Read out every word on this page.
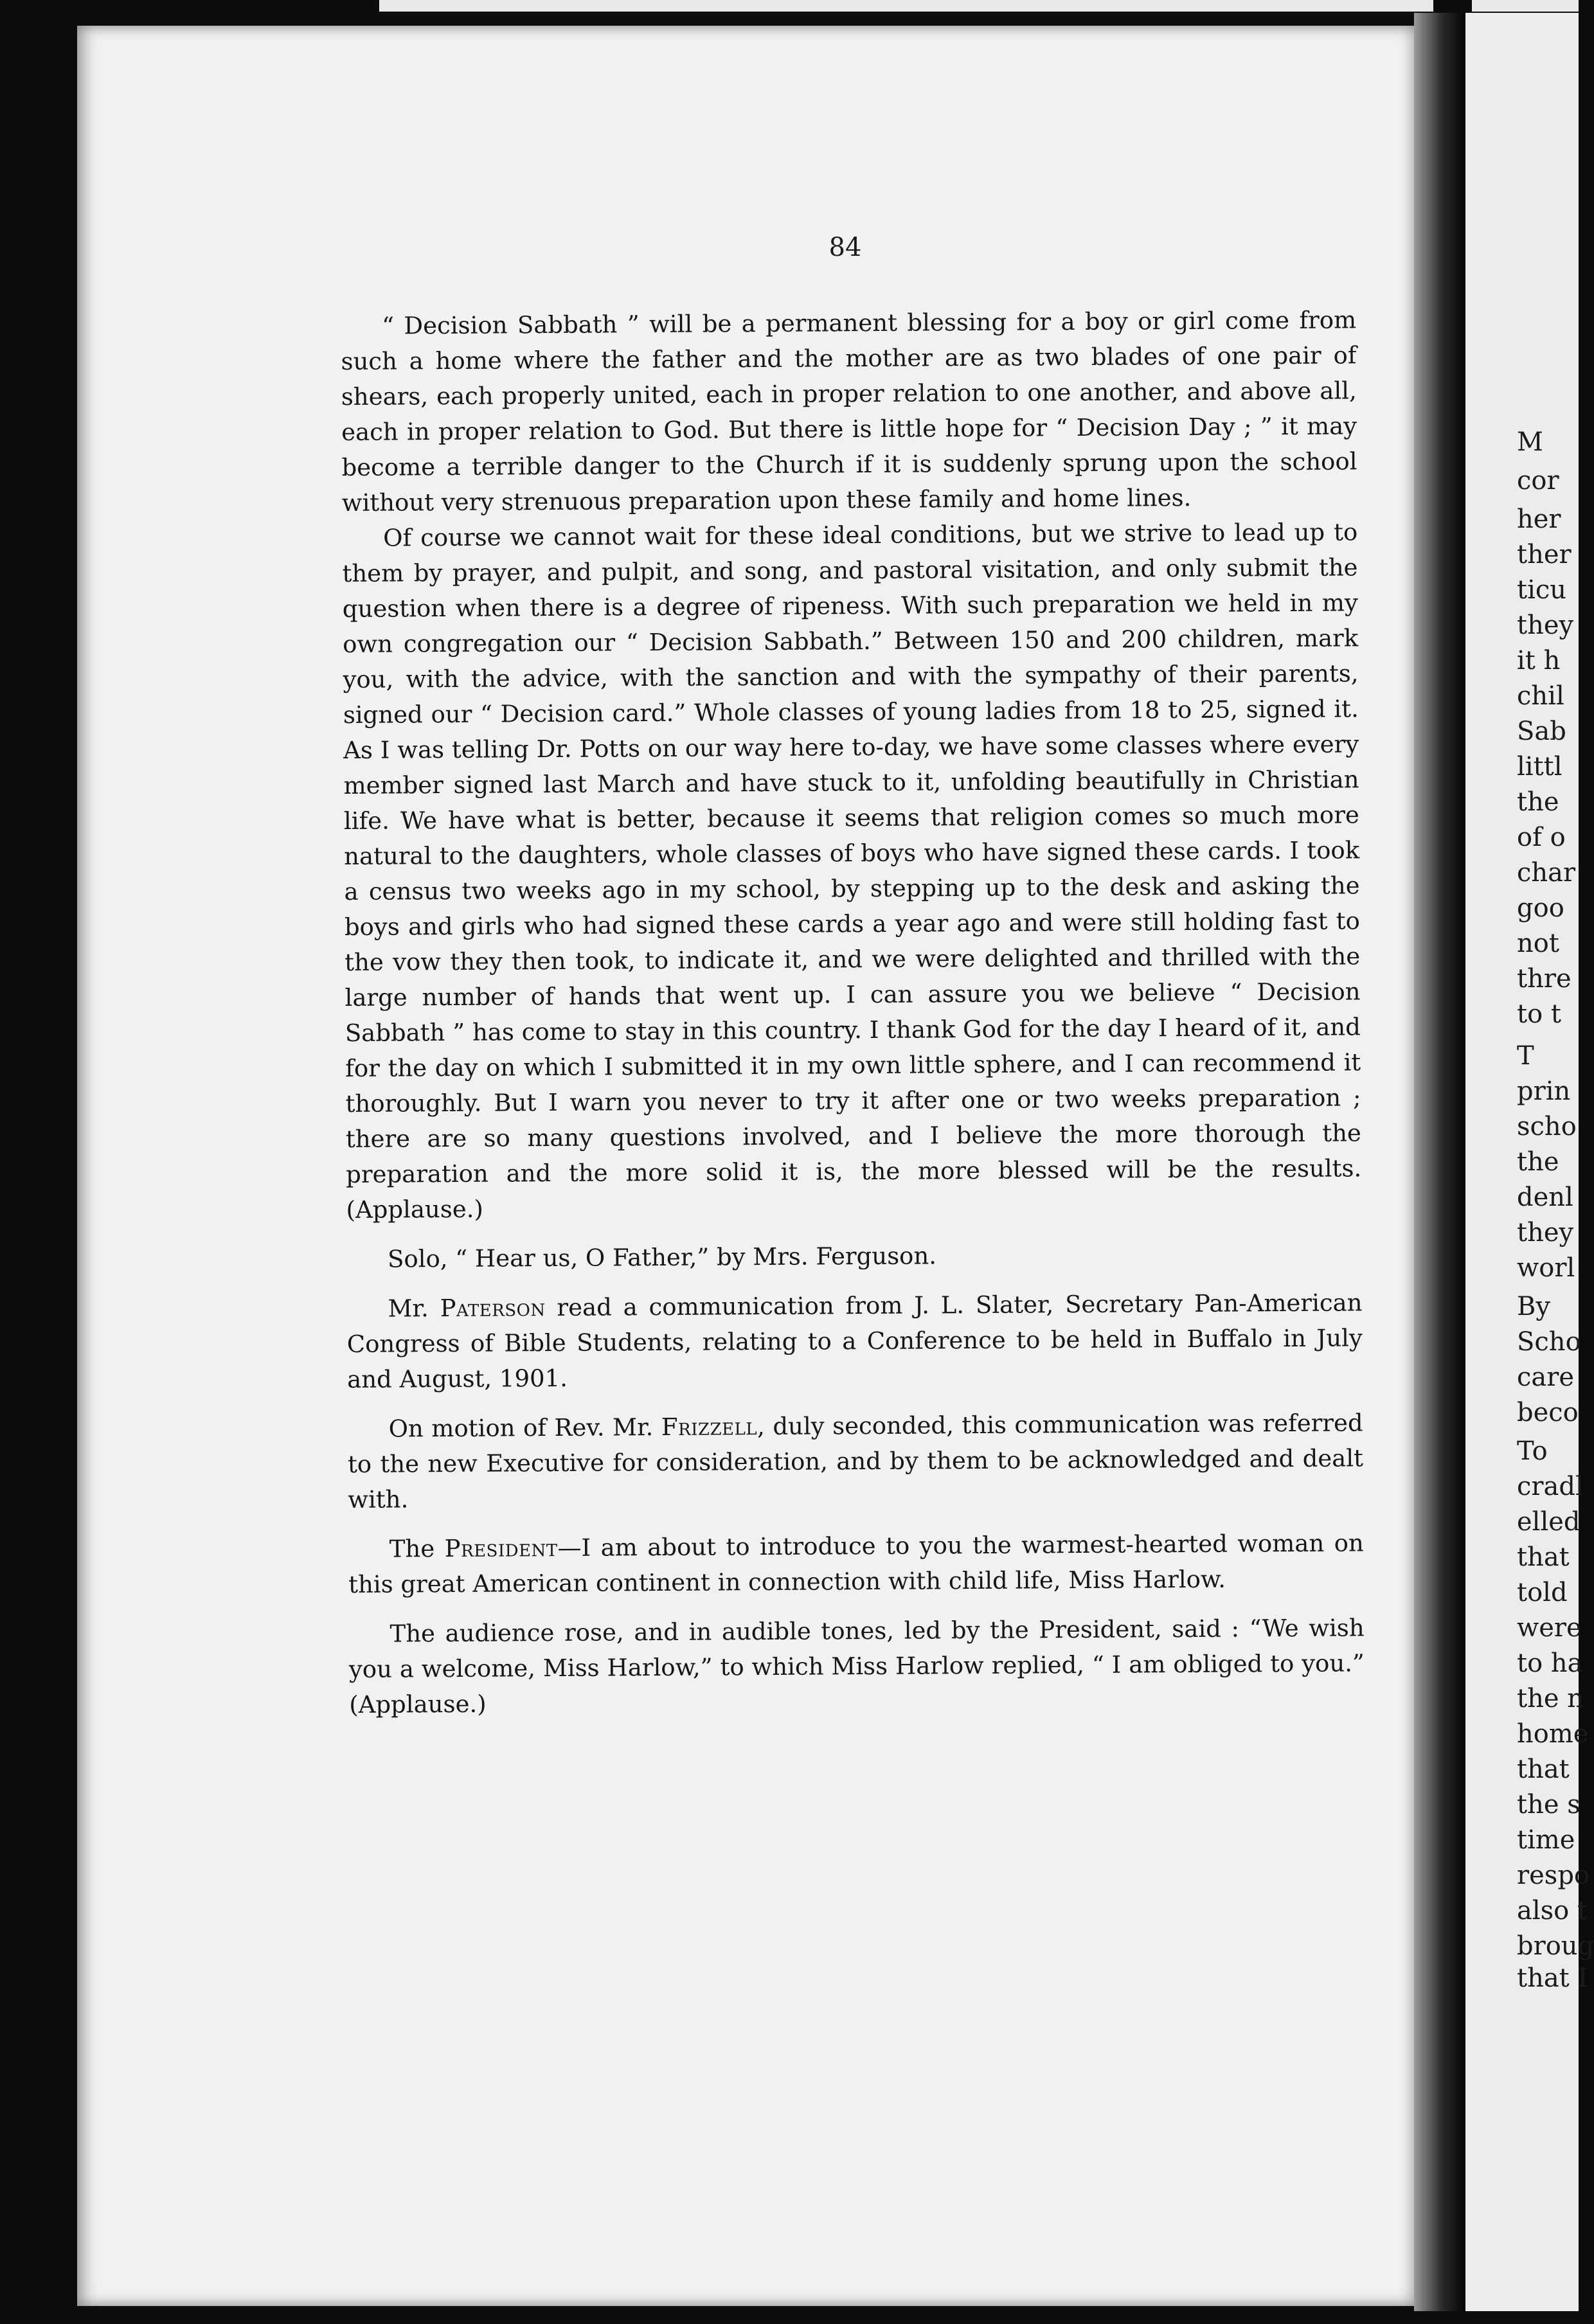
M
cor
her
ther
ticu
they
it h
chil
Sab
littl
the
of o
char
goo
not
thre
to t
T
prin
scho
the
denl
they
worl
By
Scho
care
beco
To
cradl
elled
that
told
were
to ha
the n
home
that
the s
time
respo
also t
broug
that I
84

“ Decision Sabbath ” will be a permanent blessing for a boy or girl come from such a home where the father and the mother are as two blades of one pair of shears, each properly united, each in proper relation to one another, and above all, each in proper relation to God. But there is little hope for “ Decision Day ; ” it may become a terrible danger to the Church if it is suddenly sprung upon the school without very strenuous preparation upon these family and home lines.

Of course we cannot wait for these ideal conditions, but we strive to lead up to them by prayer, and pulpit, and song, and pastoral visitation, and only submit the question when there is a degree of ripeness. With such preparation we held in my own congregation our “ Decision Sabbath.” Between 150 and 200 children, mark you, with the advice, with the sanction and with the sympathy of their parents, signed our “ Decision card.” Whole classes of young ladies from 18 to 25, signed it. As I was telling Dr. Potts on our way here to-day, we have some classes where every member signed last March and have stuck to it, unfolding beautifully in Christian life. We have what is better, because it seems that religion comes so much more natural to the daughters, whole classes of boys who have signed these cards. I took a census two weeks ago in my school, by stepping up to the desk and asking the boys and girls who had signed these cards a year ago and were still holding fast to the vow they then took, to indicate it, and we were delighted and thrilled with the large number of hands that went up. I can assure you we believe “ Decision Sabbath ” has come to stay in this country. I thank God for the day I heard of it, and for the day on which I submitted it in my own little sphere, and I can recommend it thoroughly. But I warn you never to try it after one or two weeks preparation ; there are so many questions involved, and I believe the more thorough the preparation and the more solid it is, the more blessed will be the results. (Applause.)

Solo, “ Hear us, O Father,” by Mrs. Ferguson.

Mr. Paterson read a communication from J. L. Slater, Secretary Pan-American Congress of Bible Students, relating to a Conference to be held in Buffalo in July and August, 1901.

On motion of Rev. Mr. Frizzell, duly seconded, this communication was referred to the new Executive for consideration, and by them to be acknowledged and dealt with.

The President—I am about to introduce to you the warmest-hearted woman on this great American continent in connection with child life, Miss Harlow.

The audience rose, and in audible tones, led by the President, said : “We wish you a welcome, Miss Harlow,” to which Miss Harlow replied, “ I am obliged to you.” (Applause.)
